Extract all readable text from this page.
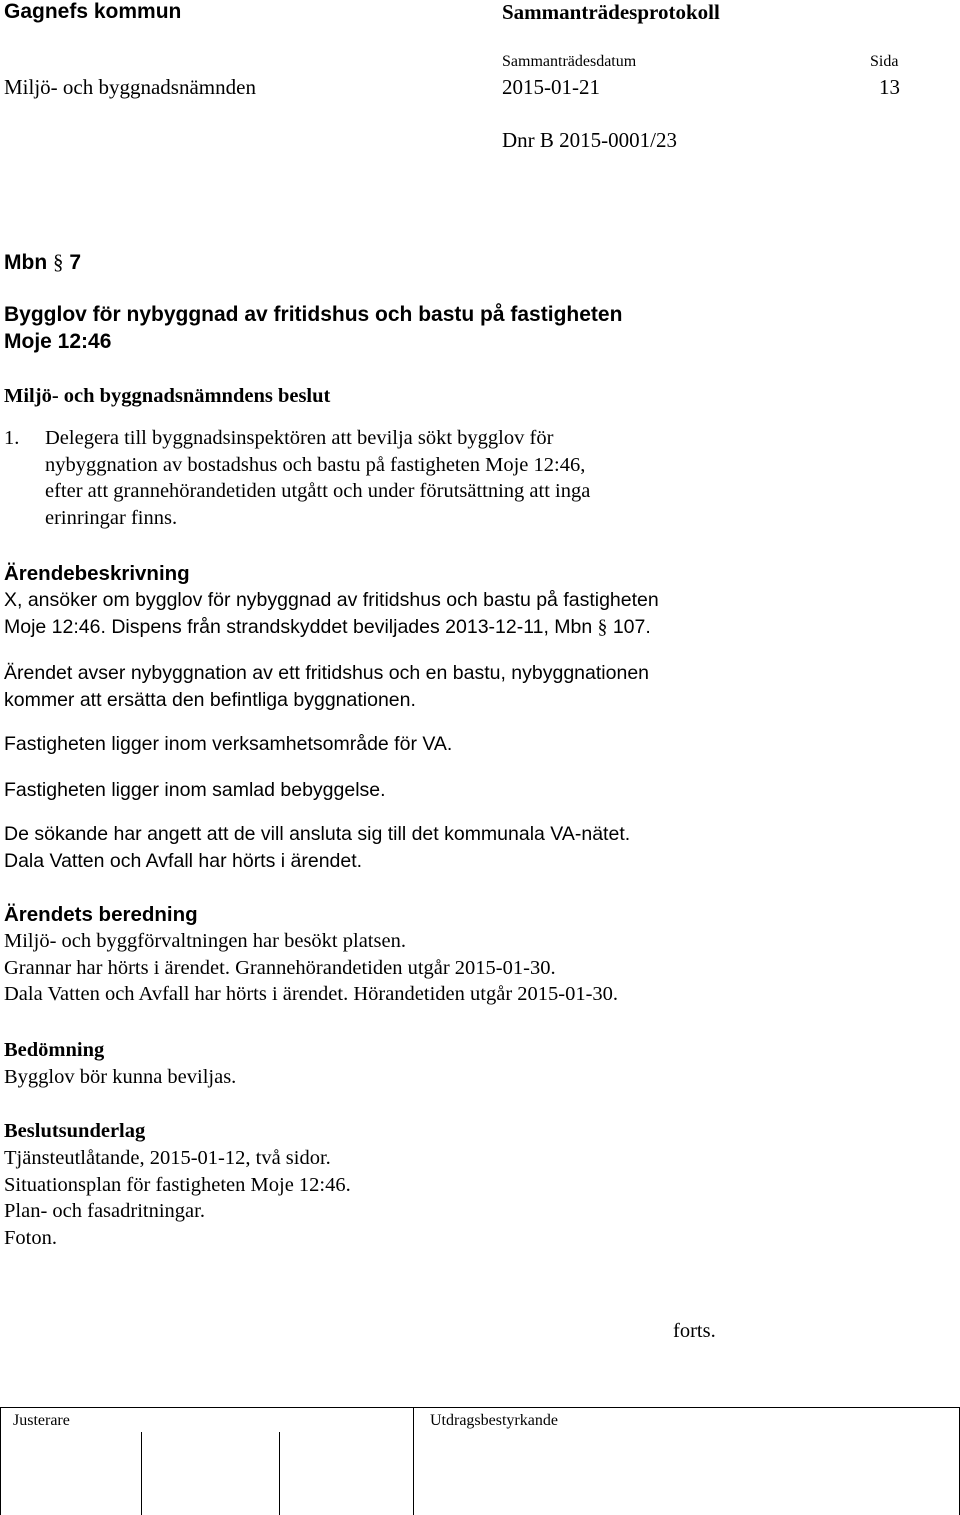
Gagnefs kommun	Sammanträdesprotokoll
Sammanträdesdatum	Sida
Miljö- och byggnadsnämnden	2015-01-21	13
Dnr B 2015-0001/23
Mbn § 7
Bygglov för nybyggnad av fritidshus och bastu på fastigheten
Moje 12:46
Miljö- och byggnadsnämndens beslut
1. Delegera till byggnadsinspektören att bevilja sökt bygglov för

nybyggnation av bostadshus och bastu på fastigheten Moje 12:46,

efter att grannehörandetiden utgått och under förutsättning att inga

erinringar finns.

Ärendebeskrivning

X, ansöker om bygglov för nybyggnad av fritidshus och bastu på fastigheten

Moje 12:46. Dispens från strandskyddet beviljades 2013-12-11, Mbn § 107.

Ärendet avser nybyggnation av ett fritidshus och en bastu, nybyggnationen

kommer att ersätta den befintliga byggnationen.

Fastigheten ligger inom verksamhetsområde för VA.
Fastigheten ligger inom samlad bebyggelse.

De sökande har angett att de vill ansluta sig till det kommunala VA-nätet.

Dala Vatten och Avfall har hörts i ärendet.

Ärendets beredning

Miljö- och byggförvaltningen har besökt platsen.

Grannar har hörts i ärendet. Grannehörandetiden utgår 2015-01-30.

Dala Vatten och Avfall har hörts i ärendet. Hörandetiden utgår 2015-01-30.

Bedömning
Bygglov bör kunna beviljas.
Beslutsunderlag

Tjänsteutlåtande, 2015-01-12, två sidor.

Situationsplan för fastigheten Moje 12:46.

Plan- och fasadritningar.

Foton.

forts.
Justerare	Utdragsbestyrkande
